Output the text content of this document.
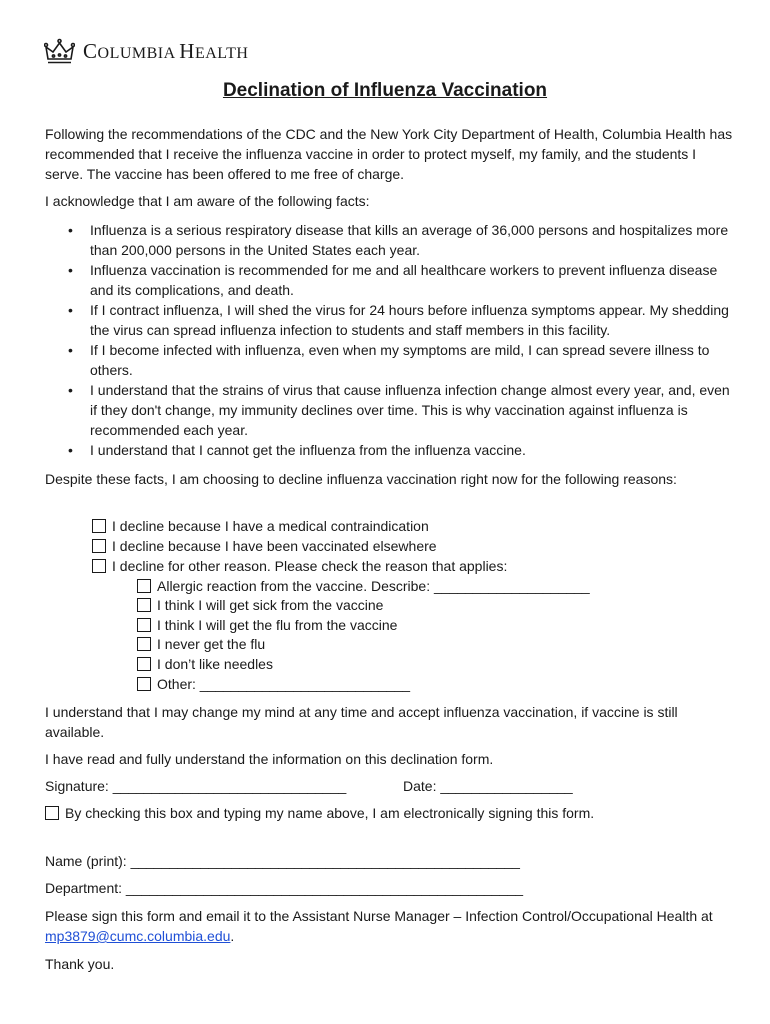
COLUMBIA HEALTH
Declination of Influenza Vaccination
Following the recommendations of the CDC and the New York City Department of Health, Columbia Health has recommended that I receive the influenza vaccine in order to protect myself, my family, and the students I serve. The vaccine has been offered to me free of charge.
I acknowledge that I am aware of the following facts:
• Influenza is a serious respiratory disease that kills an average of 36,000 persons and hospitalizes more than 200,000 persons in the United States each year.
• Influenza vaccination is recommended for me and all healthcare workers to prevent influenza disease and its complications, and death.
• If I contract influenza, I will shed the virus for 24 hours before influenza symptoms appear. My shedding the virus can spread influenza infection to students and staff members in this facility.
• If I become infected with influenza, even when my symptoms are mild, I can spread severe illness to others.
• I understand that the strains of virus that cause influenza infection change almost every year, and, even if they don't change, my immunity declines over time. This is why vaccination against influenza is recommended each year.
• I understand that I cannot get the influenza from the influenza vaccine.
Despite these facts, I am choosing to decline influenza vaccination right now for the following reasons:
I decline because I have a medical contraindication
I decline because I have been vaccinated elsewhere
I decline for other reason. Please check the reason that applies:
Allergic reaction from the vaccine. Describe: ____________________
I think I will get sick from the vaccine
I think I will get the flu from the vaccine
I never get the flu
I don’t like needles
Other: ___________________________
I understand that I may change my mind at any time and accept influenza vaccination, if vaccine is still available.
I have read and fully understand the information on this declination form.
Signature: ______________________________	Date: _________________
By checking this box and typing my name above, I am electronically signing this form.
Name (print): __________________________________________________
Department: ___________________________________________________
Please sign this form and email it to the Assistant Nurse Manager – Infection Control/Occupational Health at mp3879@cumc.columbia.edu.
Thank you.
